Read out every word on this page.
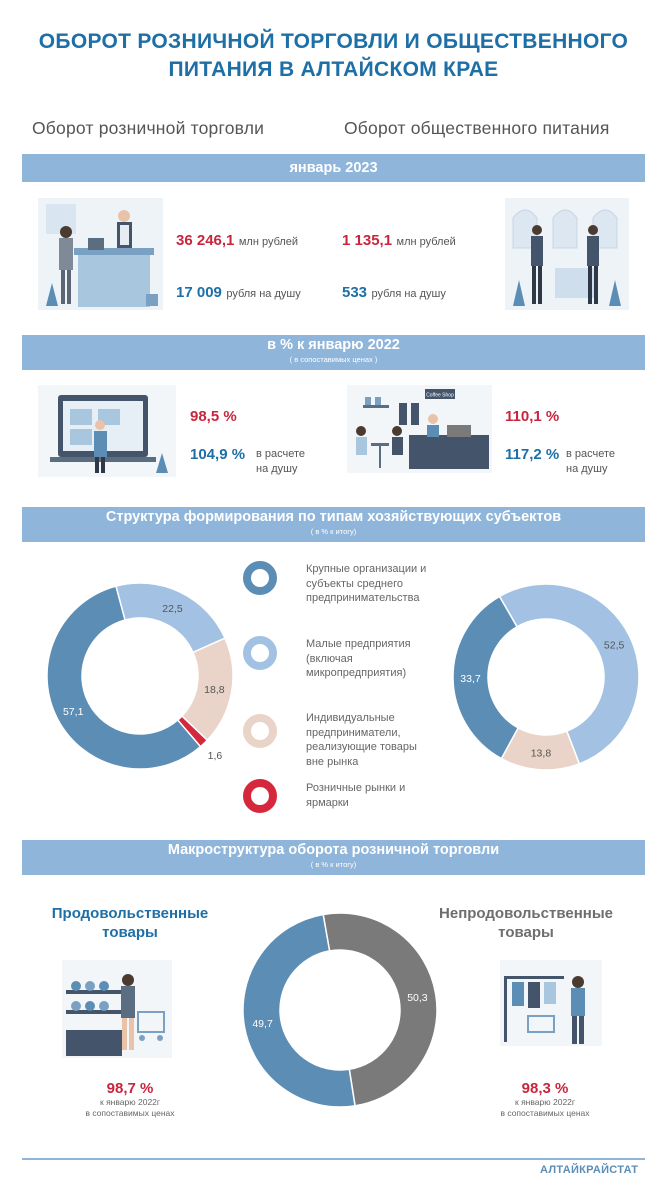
ОБОРОТ РОЗНИЧНОЙ ТОРГОВЛИ И ОБЩЕСТВЕННОГО
ПИТАНИЯ В АЛТАЙСКОМ КРАЕ
Оборот розничной торговли	Оборот общественного питания
январь 2023
36 246,1 млн рублей
17 009 рубля на душу
1 135,1 млн рублей
533 рубля на душу
в % к январю 2022
( в сопоставимых ценах )
98,5 %
104,9 % в расчете
на душу
Coffee Shop
110,1 %
117,2 % в расчете
на душу
Структура формирования по типам хозяйствующих субъектов
( в % к итогу)
22,5
18,8
1,6
57,1
52,5
13,8
33,7
50,3
49,7
Крупные организации и
субъекты среднего
предпринимательства
Малые предприятия
(включая
микропредприятия)
Индивидуальные
предприниматели,
реализующие товары
вне рынка
Розничные рынки и
ярмарки
Макроструктура оборота розничной торговли
( в % к итогу)
Продовольственные
товары
Непродовольственные
товары
98,7 %
к январю 2022г
в сопоставимых ценах
98,3 %
к январю 2022г
в сопоставимых ценах
АЛТАЙКРАЙСТАТ
